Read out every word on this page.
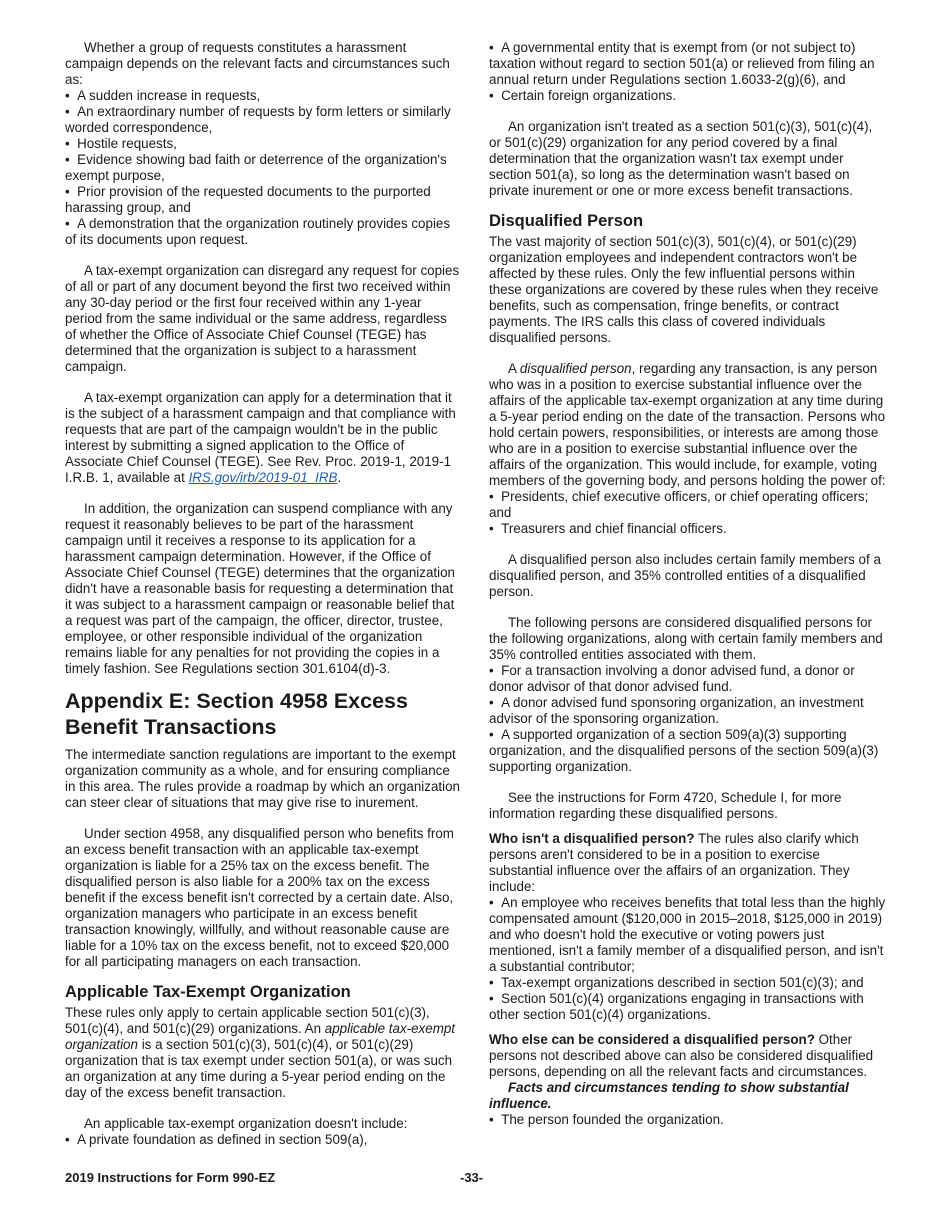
Whether a group of requests constitutes a harassment campaign depends on the relevant facts and circumstances such as:

•  A sudden increase in requests,

•  An extraordinary number of requests by form letters or similarly worded correspondence,

•  Hostile requests,

•  Evidence showing bad faith or deterrence of the organization's exempt purpose,

•  Prior provision of the requested documents to the purported harassing group, and

•  A demonstration that the organization routinely provides copies of its documents upon request.

A tax-exempt organization can disregard any request for copies of all or part of any document beyond the first two received within any 30-day period or the first four received within any 1-year period from the same individual or the same address, regardless of whether the Office of Associate Chief Counsel (TEGE) has determined that the organization is subject to a harassment campaign.

A tax-exempt organization can apply for a determination that it is the subject of a harassment campaign and that compliance with requests that are part of the campaign wouldn't be in the public interest by submitting a signed application to the Office of Associate Chief Counsel (TEGE). See Rev. Proc. 2019-1, 2019-1 I.R.B. 1, available at IRS.gov/irb/2019-01_IRB.

In addition, the organization can suspend compliance with any request it reasonably believes to be part of the harassment campaign until it receives a response to its application for a harassment campaign determination. However, if the Office of Associate Chief Counsel (TEGE) determines that the organization didn't have a reasonable basis for requesting a determination that it was subject to a harassment campaign or reasonable belief that a request was part of the campaign, the officer, director, trustee, employee, or other responsible individual of the organization remains liable for any penalties for not providing the copies in a timely fashion. See Regulations section 301.6104(d)-3.

Appendix E: Section 4958 Excess Benefit Transactions

The intermediate sanction regulations are important to the exempt organization community as a whole, and for ensuring compliance in this area. The rules provide a roadmap by which an organization can steer clear of situations that may give rise to inurement.

Under section 4958, any disqualified person who benefits from an excess benefit transaction with an applicable tax-exempt organization is liable for a 25% tax on the excess benefit. The disqualified person is also liable for a 200% tax on the excess benefit if the excess benefit isn't corrected by a certain date. Also, organization managers who participate in an excess benefit transaction knowingly, willfully, and without reasonable cause are liable for a 10% tax on the excess benefit, not to exceed $20,000 for all participating managers on each transaction.

Applicable Tax-Exempt Organization

These rules only apply to certain applicable section 501(c)(3), 501(c)(4), and 501(c)(29) organizations. An applicable tax-exempt organization is a section 501(c)(3), 501(c)(4), or 501(c)(29) organization that is tax exempt under section 501(a), or was such an organization at any time during a 5-year period ending on the day of the excess benefit transaction.

An applicable tax-exempt organization doesn't include:

•  A private foundation as defined in section 509(a),

•  A governmental entity that is exempt from (or not subject to) taxation without regard to section 501(a) or relieved from filing an annual return under Regulations section 1.6033-2(g)(6), and

•  Certain foreign organizations.

An organization isn't treated as a section 501(c)(3), 501(c)(4), or 501(c)(29) organization for any period covered by a final determination that the organization wasn't tax exempt under section 501(a), so long as the determination wasn't based on private inurement or one or more excess benefit transactions.

Disqualified Person

The vast majority of section 501(c)(3), 501(c)(4), or 501(c)(29) organization employees and independent contractors won't be affected by these rules. Only the few influential persons within these organizations are covered by these rules when they receive benefits, such as compensation, fringe benefits, or contract payments. The IRS calls this class of covered individuals disqualified persons.

A disqualified person, regarding any transaction, is any person who was in a position to exercise substantial influence over the affairs of the applicable tax-exempt organization at any time during a 5-year period ending on the date of the transaction. Persons who hold certain powers, responsibilities, or interests are among those who are in a position to exercise substantial influence over the affairs of the organization. This would include, for example, voting members of the governing body, and persons holding the power of:

•  Presidents, chief executive officers, or chief operating officers; and

•  Treasurers and chief financial officers.

A disqualified person also includes certain family members of a disqualified person, and 35% controlled entities of a disqualified person.

The following persons are considered disqualified persons for the following organizations, along with certain family members and 35% controlled entities associated with them.

•  For a transaction involving a donor advised fund, a donor or donor advisor of that donor advised fund.

•  A donor advised fund sponsoring organization, an investment advisor of the sponsoring organization.

•  A supported organization of a section 509(a)(3) supporting organization, and the disqualified persons of the section 509(a)(3) supporting organization.

See the instructions for Form 4720, Schedule I, for more information regarding these disqualified persons.

Who isn't a disqualified person? The rules also clarify which persons aren't considered to be in a position to exercise substantial influence over the affairs of an organization. They include:

•  An employee who receives benefits that total less than the highly compensated amount ($120,000 in 2015–2018, $125,000 in 2019) and who doesn't hold the executive or voting powers just mentioned, isn't a family member of a disqualified person, and isn't a substantial contributor;

•  Tax-exempt organizations described in section 501(c)(3); and

•  Section 501(c)(4) organizations engaging in transactions with other section 501(c)(4) organizations.

Who else can be considered a disqualified person? Other persons not described above can also be considered disqualified persons, depending on all the relevant facts and circumstances.

Facts and circumstances tending to show substantial influence.

•  The person founded the organization.

2019 Instructions for Form 990-EZ	-33-
